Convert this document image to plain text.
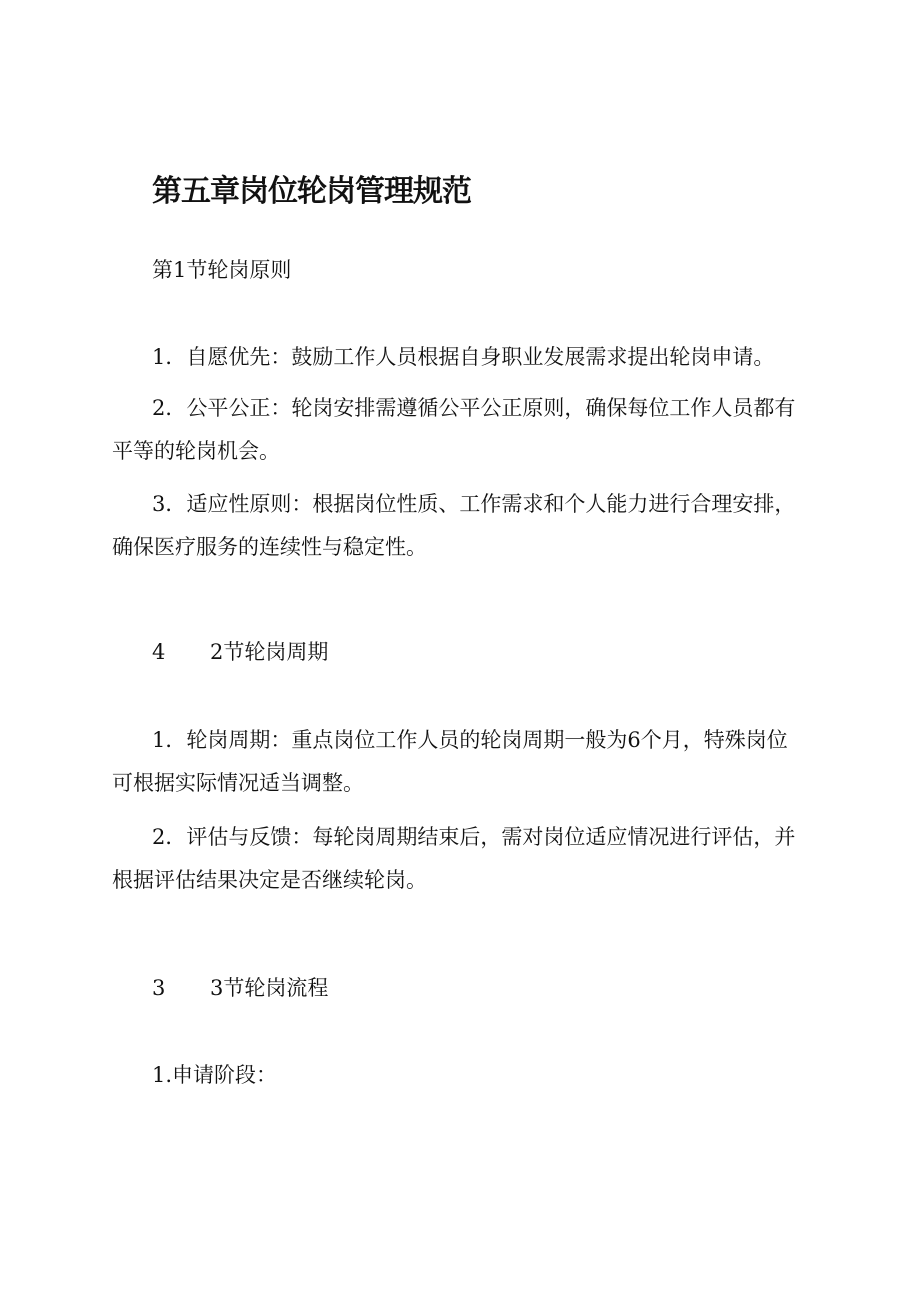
第五章岗位轮岗管理规范
第1节轮岗原则
1．自愿优先：鼓励工作人员根据自身职业发展需求提出轮岗申请。
2．公平公正：轮岗安排需遵循公平公正原则，确保每位工作人员都有
平等的轮岗机会。
3．适应性原则：根据岗位性质、工作需求和个人能力进行合理安排，
确保医疗服务的连续性与稳定性。
4 2节轮岗周期
1．轮岗周期：重点岗位工作人员的轮岗周期一般为6个月，特殊岗位
可根据实际情况适当调整。
2．评估与反馈：每轮岗周期结束后，需对岗位适应情况进行评估，并
根据评估结果决定是否继续轮岗。
3 3节轮岗流程
1.申请阶段：
